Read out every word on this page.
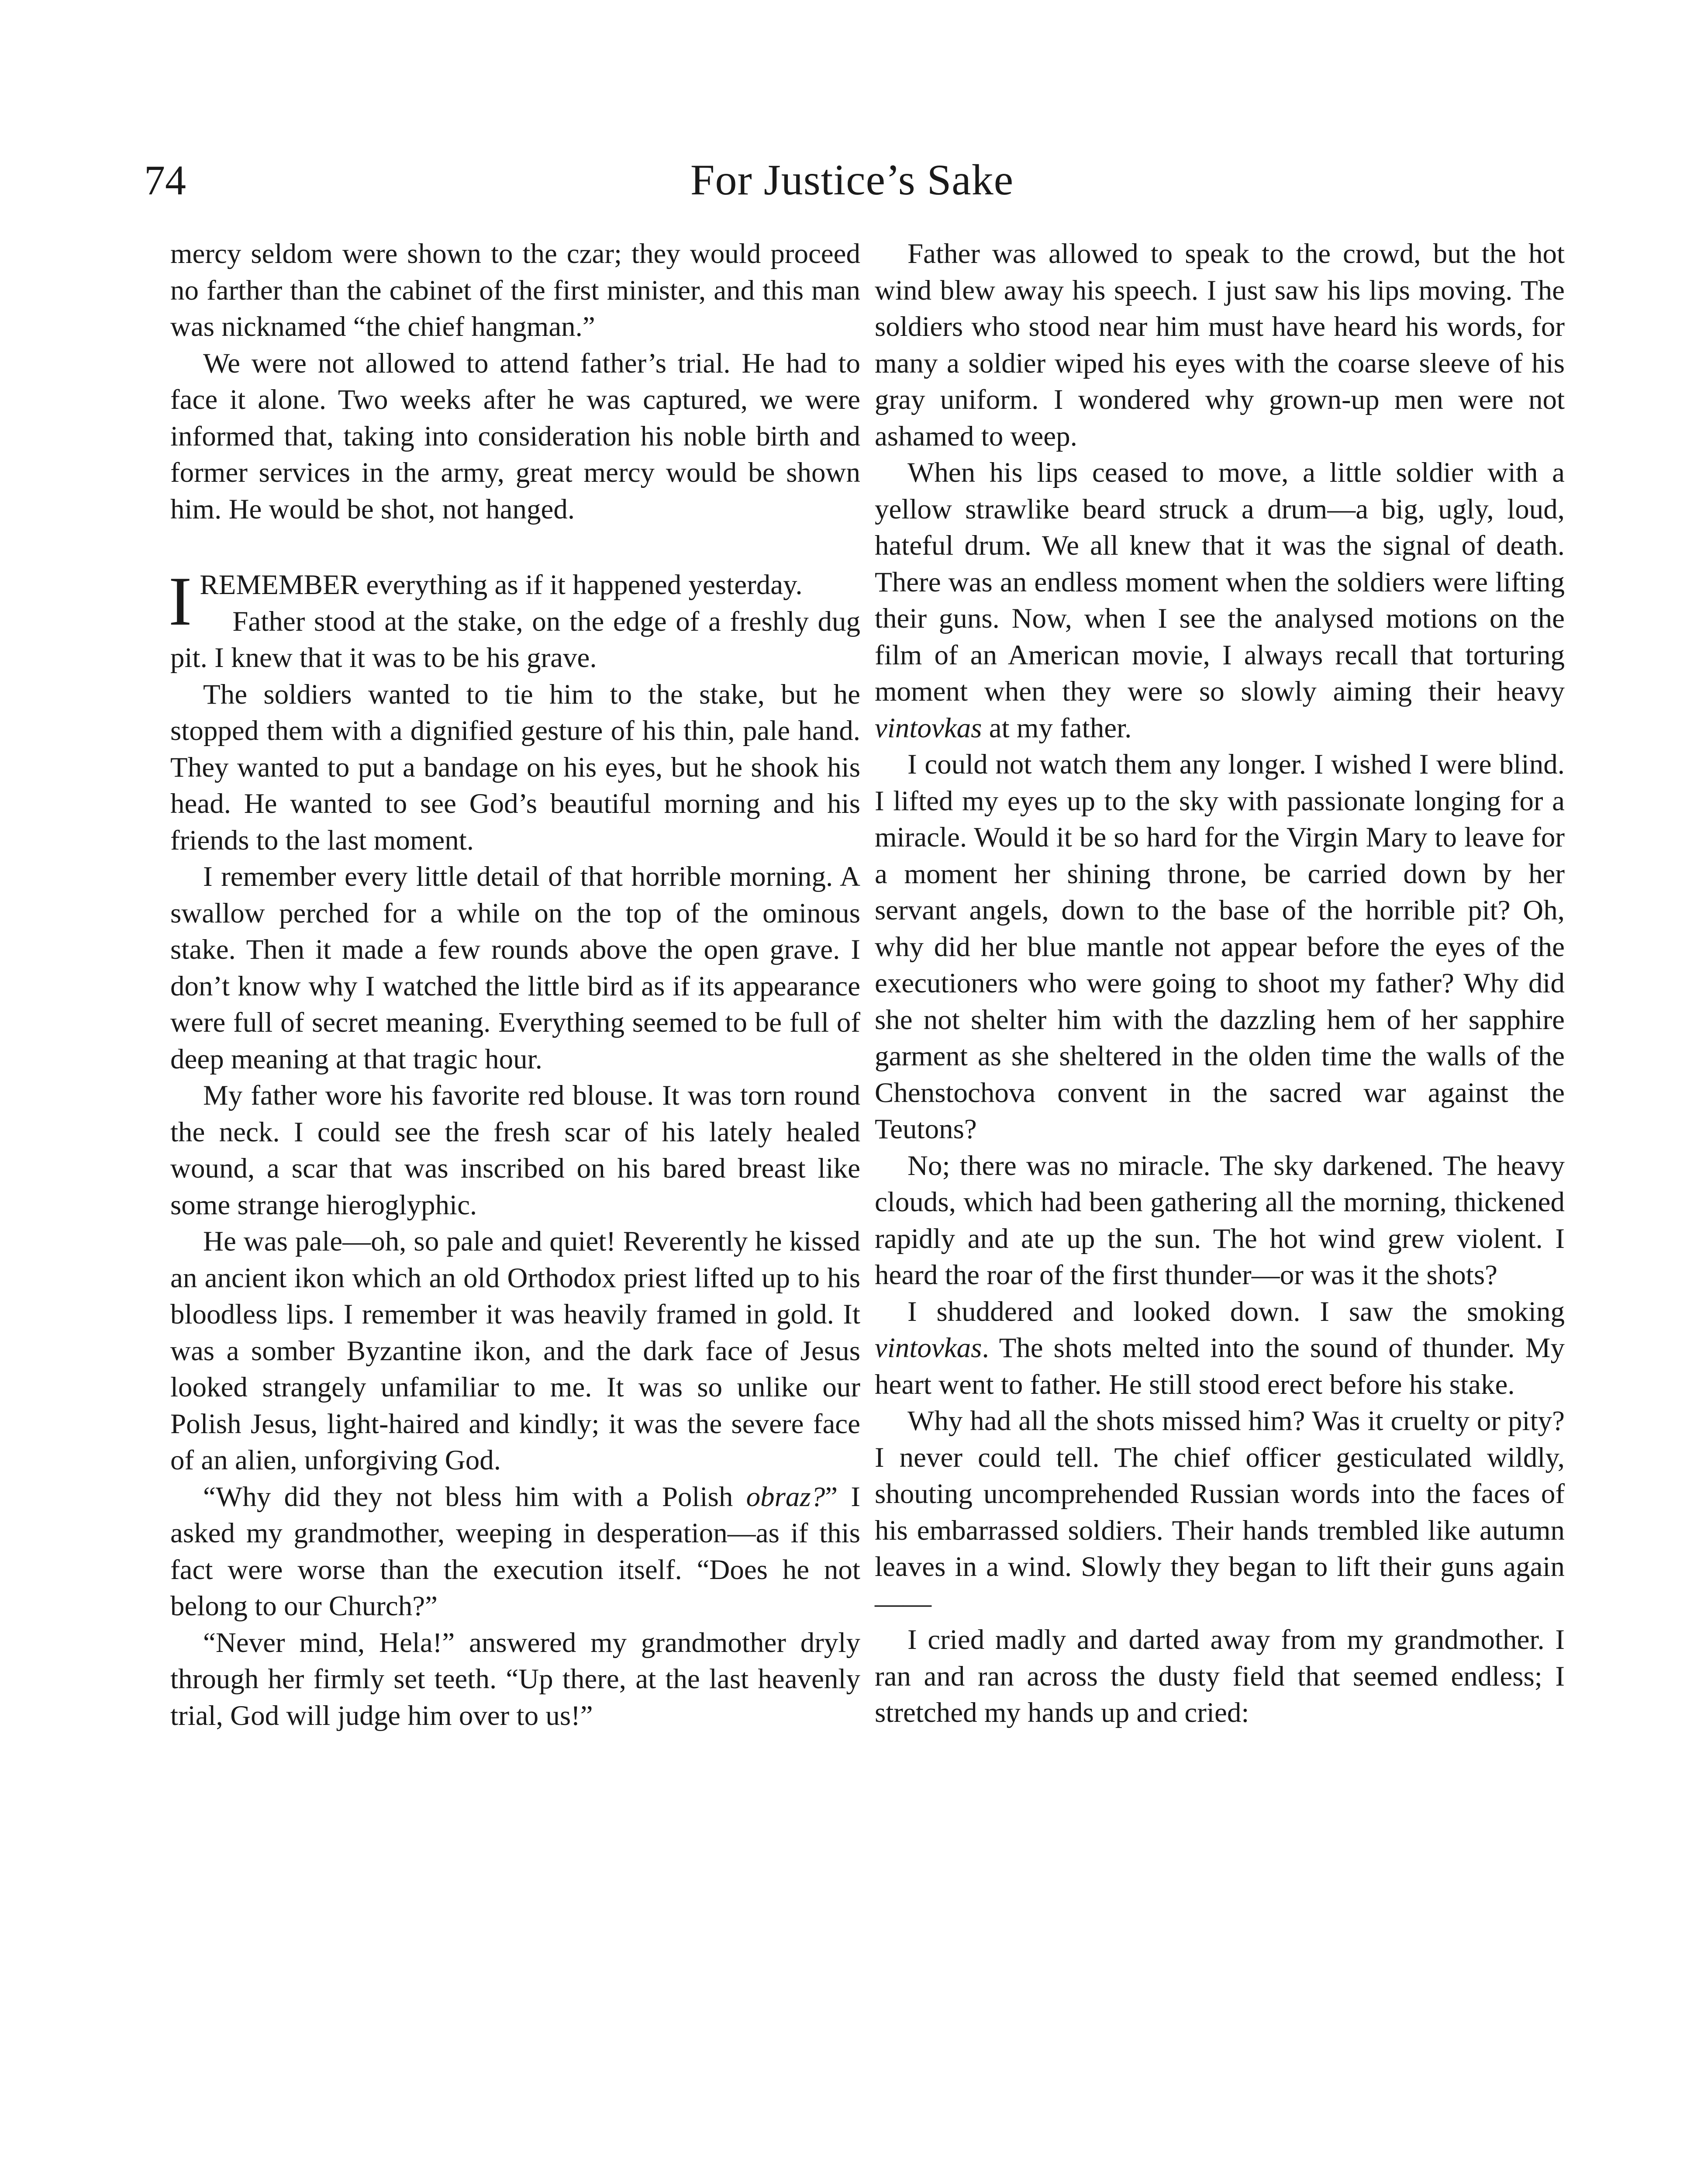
74	For Justice’s Sake

mercy seldom were shown to the czar; they would proceed no farther than the cabinet of the first minister, and this man was nicknamed “the chief hangman.”

We were not allowed to attend father’s trial. He had to face it alone. Two weeks after he was captured, we were informed that, taking into consideration his noble birth and former services in the army, great mercy would be shown him. He would be shot, not hanged.

IREMEMBER everything as if it happened yesterday.

Father stood at the stake, on the edge of a freshly dug pit. I knew that it was to be his grave.

The soldiers wanted to tie him to the stake, but he stopped them with a dignified gesture of his thin, pale hand. They wanted to put a bandage on his eyes, but he shook his head. He wanted to see God’s beautiful morning and his friends to the last moment.

I remember every little detail of that horrible morning. A swallow perched for a while on the top of the ominous stake. Then it made a few rounds above the open grave. I don’t know why I watched the little bird as if its appearance were full of secret meaning. Everything seemed to be full of deep meaning at that tragic hour.

My father wore his favorite red blouse. It was torn round the neck. I could see the fresh scar of his lately healed wound, a scar that was inscribed on his bared breast like some strange hieroglyphic.

He was pale—oh, so pale and quiet! Reverently he kissed an ancient ikon which an old Orthodox priest lifted up to his bloodless lips. I remember it was heavily framed in gold. It was a somber Byzantine ikon, and the dark face of Jesus looked strangely unfamiliar to me. It was so unlike our Polish Jesus, light-haired and kindly; it was the severe face of an alien, unforgiving God.

“Why did they not bless him with a Polish obraz?” I asked my grandmother, weeping in desperation—as if this fact were worse than the execution itself. “Does he not belong to our Church?”

“Never mind, Hela!” answered my grandmother dryly through her firmly set teeth. “Up there, at the last heavenly trial, God will judge him over to us!”

Father was allowed to speak to the crowd, but the hot wind blew away his speech. I just saw his lips moving. The soldiers who stood near him must have heard his words, for many a soldier wiped his eyes with the coarse sleeve of his gray uniform. I wondered why grown-up men were not ashamed to weep.

When his lips ceased to move, a little soldier with a yellow strawlike beard struck a drum—a big, ugly, loud, hateful drum. We all knew that it was the signal of death. There was an endless moment when the soldiers were lifting their guns. Now, when I see the analysed motions on the film of an American movie, I always recall that torturing moment when they were so slowly aiming their heavy vintovkas at my father.

I could not watch them any longer. I wished I were blind. I lifted my eyes up to the sky with passionate longing for a miracle. Would it be so hard for the Virgin Mary to leave for a moment her shining throne, be carried down by her servant angels, down to the base of the horrible pit? Oh, why did her blue mantle not appear before the eyes of the executioners who were going to shoot my father? Why did she not shelter him with the dazzling hem of her sapphire garment as she sheltered in the olden time the walls of the Chenstochova convent in the sacred war against the Teutons?

No; there was no miracle. The sky darkened. The heavy clouds, which had been gathering all the morning, thickened rapidly and ate up the sun. The hot wind grew violent. I heard the roar of the first thunder—or was it the shots?

I shuddered and looked down. I saw the smoking vintovkas. The shots melted into the sound of thunder. My heart went to father. He still stood erect before his stake.

Why had all the shots missed him? Was it cruelty or pity? I never could tell. The chief officer gesticulated wildly, shouting uncomprehended Russian words into the faces of his embarrassed soldiers. Their hands trembled like autumn leaves in a wind. Slowly they began to lift their guns again——

I cried madly and darted away from my grandmother. I ran and ran across the dusty field that seemed endless; I stretched my hands up and cried:
